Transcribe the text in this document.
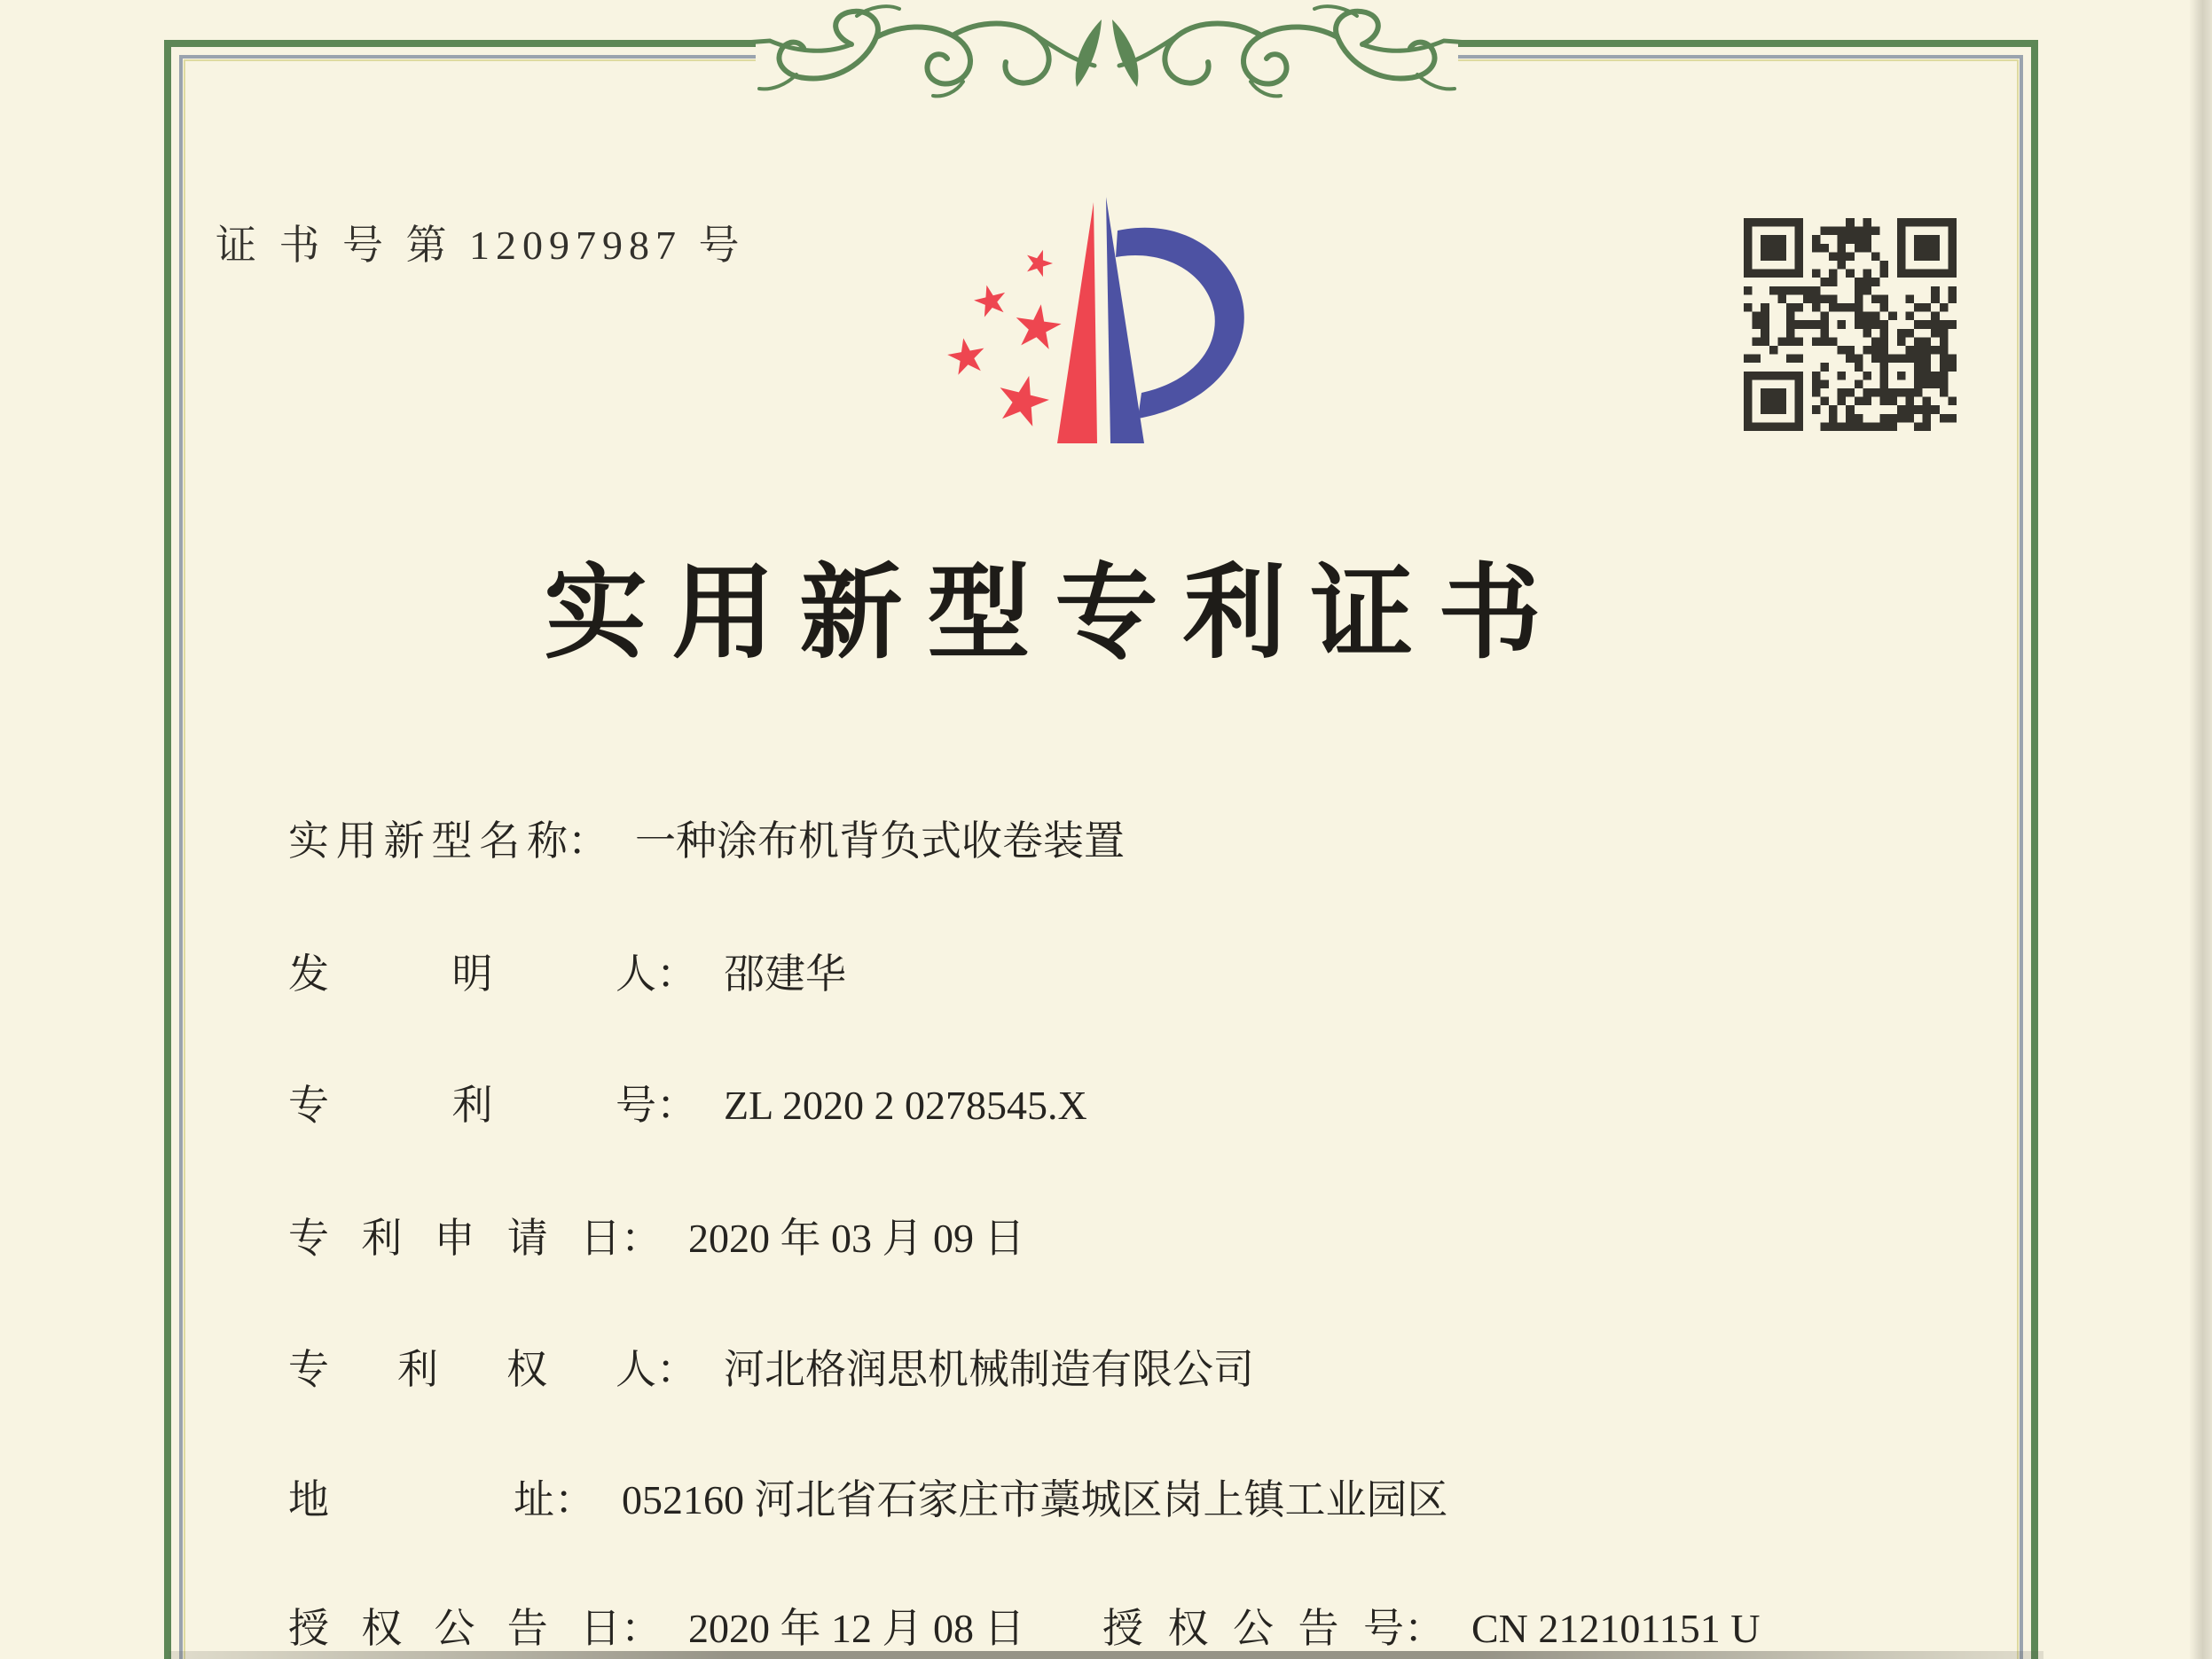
证 书 号 第 12097987 号
实用新型专利证书
实用新型名称： 一种涂布机背负式收卷装置
发明人： 邵建华
专利号： ZL 2020 2 0278545.X
专利申请日： 2020 年 03 月 09 日
专利权人： 河北格润思机械制造有限公司
地址： 052160 河北省石家庄市藁城区岗上镇工业园区
授权公告日： 2020 年 12 月 08 日 授权公告号： CN 212101151 U
